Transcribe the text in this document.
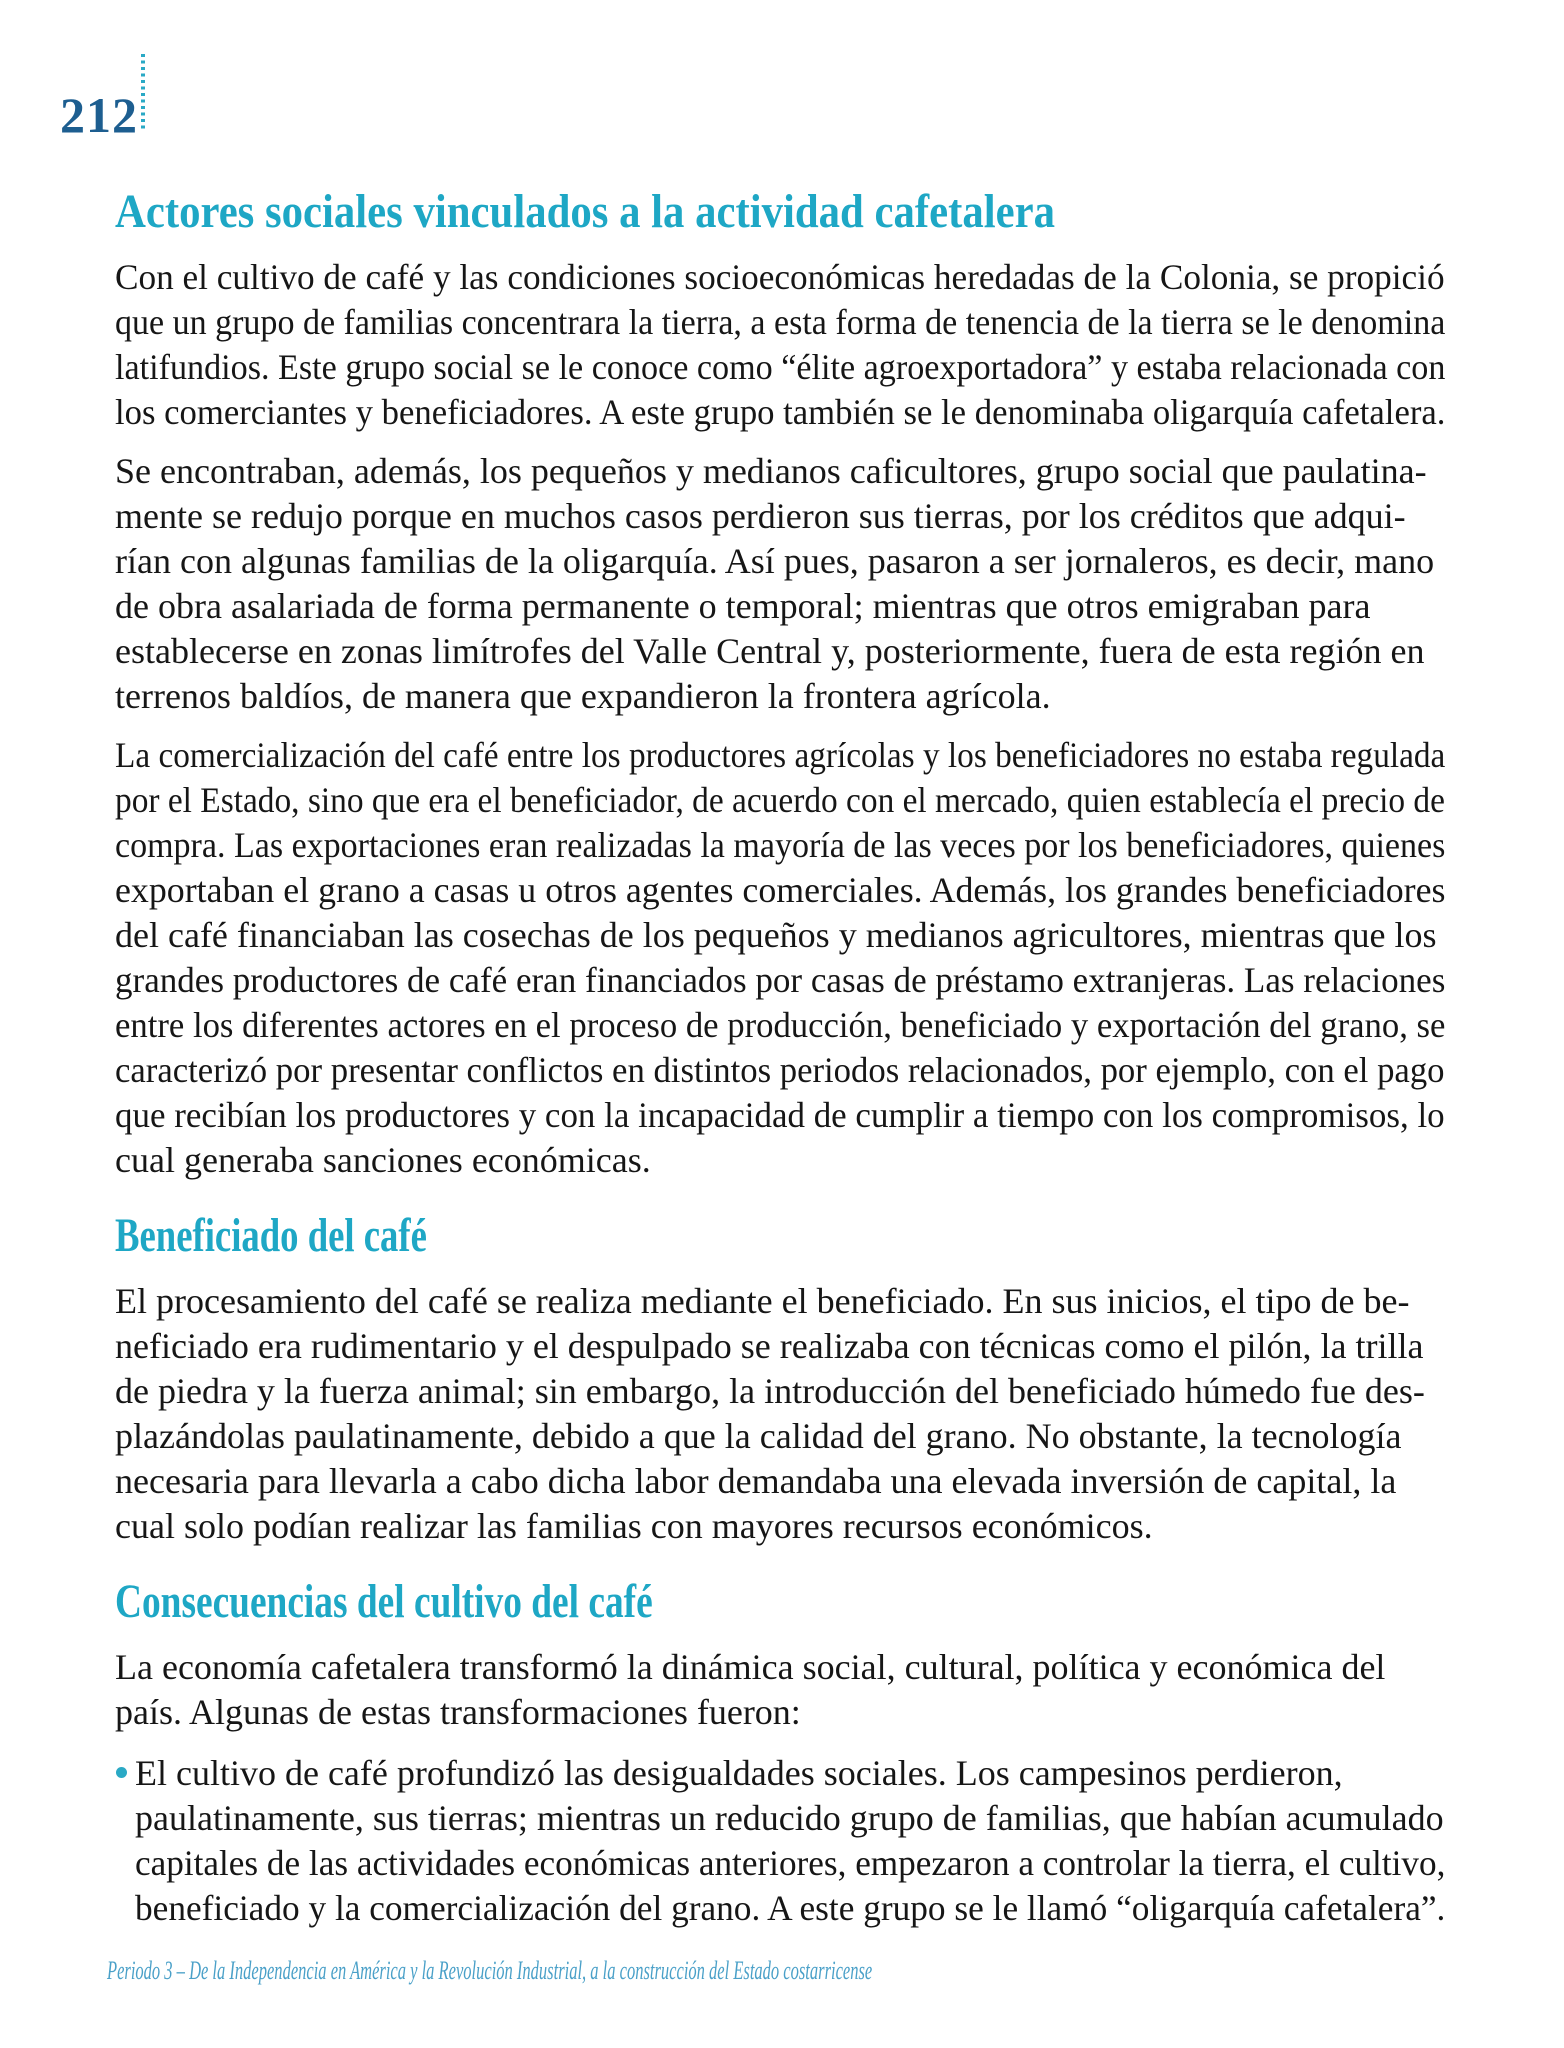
212
Actores sociales vinculados a la actividad cafetalera
Con el cultivo de café y las condiciones socioeconómicas heredadas de la Colonia, se propició
que un grupo de familias concentrara la tierra, a esta forma de tenencia de la tierra se le denomina
latifundios. Este grupo social se le conoce como “élite agroexportadora” y estaba relacionada con
los comerciantes y beneficiadores. A este grupo también se le denominaba oligarquía cafetalera.
Se encontraban, además, los pequeños y medianos caficultores, grupo social que paulatina-
mente se redujo porque en muchos casos perdieron sus tierras, por los créditos que adqui-
rían con algunas familias de la oligarquía. Así pues, pasaron a ser jornaleros, es decir, mano
de obra asalariada de forma permanente o temporal; mientras que otros emigraban para
establecerse en zonas limítrofes del Valle Central y, posteriormente, fuera de esta región en
terrenos baldíos, de manera que expandieron la frontera agrícola.
La comercialización del café entre los productores agrícolas y los beneficiadores no estaba regulada
por el Estado, sino que era el beneficiador, de acuerdo con el mercado, quien establecía el precio de
compra. Las exportaciones eran realizadas la mayoría de las veces por los beneficiadores, quienes
exportaban el grano a casas u otros agentes comerciales. Además, los grandes beneficiadores
del café financiaban las cosechas de los pequeños y medianos agricultores, mientras que los
grandes productores de café eran financiados por casas de préstamo extranjeras. Las relaciones
entre los diferentes actores en el proceso de producción, beneficiado y exportación del grano, se
caracterizó por presentar conflictos en distintos periodos relacionados, por ejemplo, con el pago
que recibían los productores y con la incapacidad de cumplir a tiempo con los compromisos, lo
cual generaba sanciones económicas.
Beneficiado del café
El procesamiento del café se realiza mediante el beneficiado. En sus inicios, el tipo de be-
neficiado era rudimentario y el despulpado se realizaba con técnicas como el pilón, la trilla
de piedra y la fuerza animal; sin embargo, la introducción del beneficiado húmedo fue des-
plazándolas paulatinamente, debido a que la calidad del grano. No obstante, la tecnología
necesaria para llevarla a cabo dicha labor demandaba una elevada inversión de capital, la
cual solo podían realizar las familias con mayores recursos económicos.
Consecuencias del cultivo del café
La economía cafetalera transformó la dinámica social, cultural, política y económica del
país. Algunas de estas transformaciones fueron:
El cultivo de café profundizó las desigualdades sociales. Los campesinos perdieron,
paulatinamente, sus tierras; mientras un reducido grupo de familias, que habían acumulado
capitales de las actividades económicas anteriores, empezaron a controlar la tierra, el cultivo,
beneficiado y la comercialización del grano. A este grupo se le llamó “oligarquía cafetalera”.
Periodo 3 – De la Independencia en América y la Revolución Industrial, a la construcción del Estado costarricense
